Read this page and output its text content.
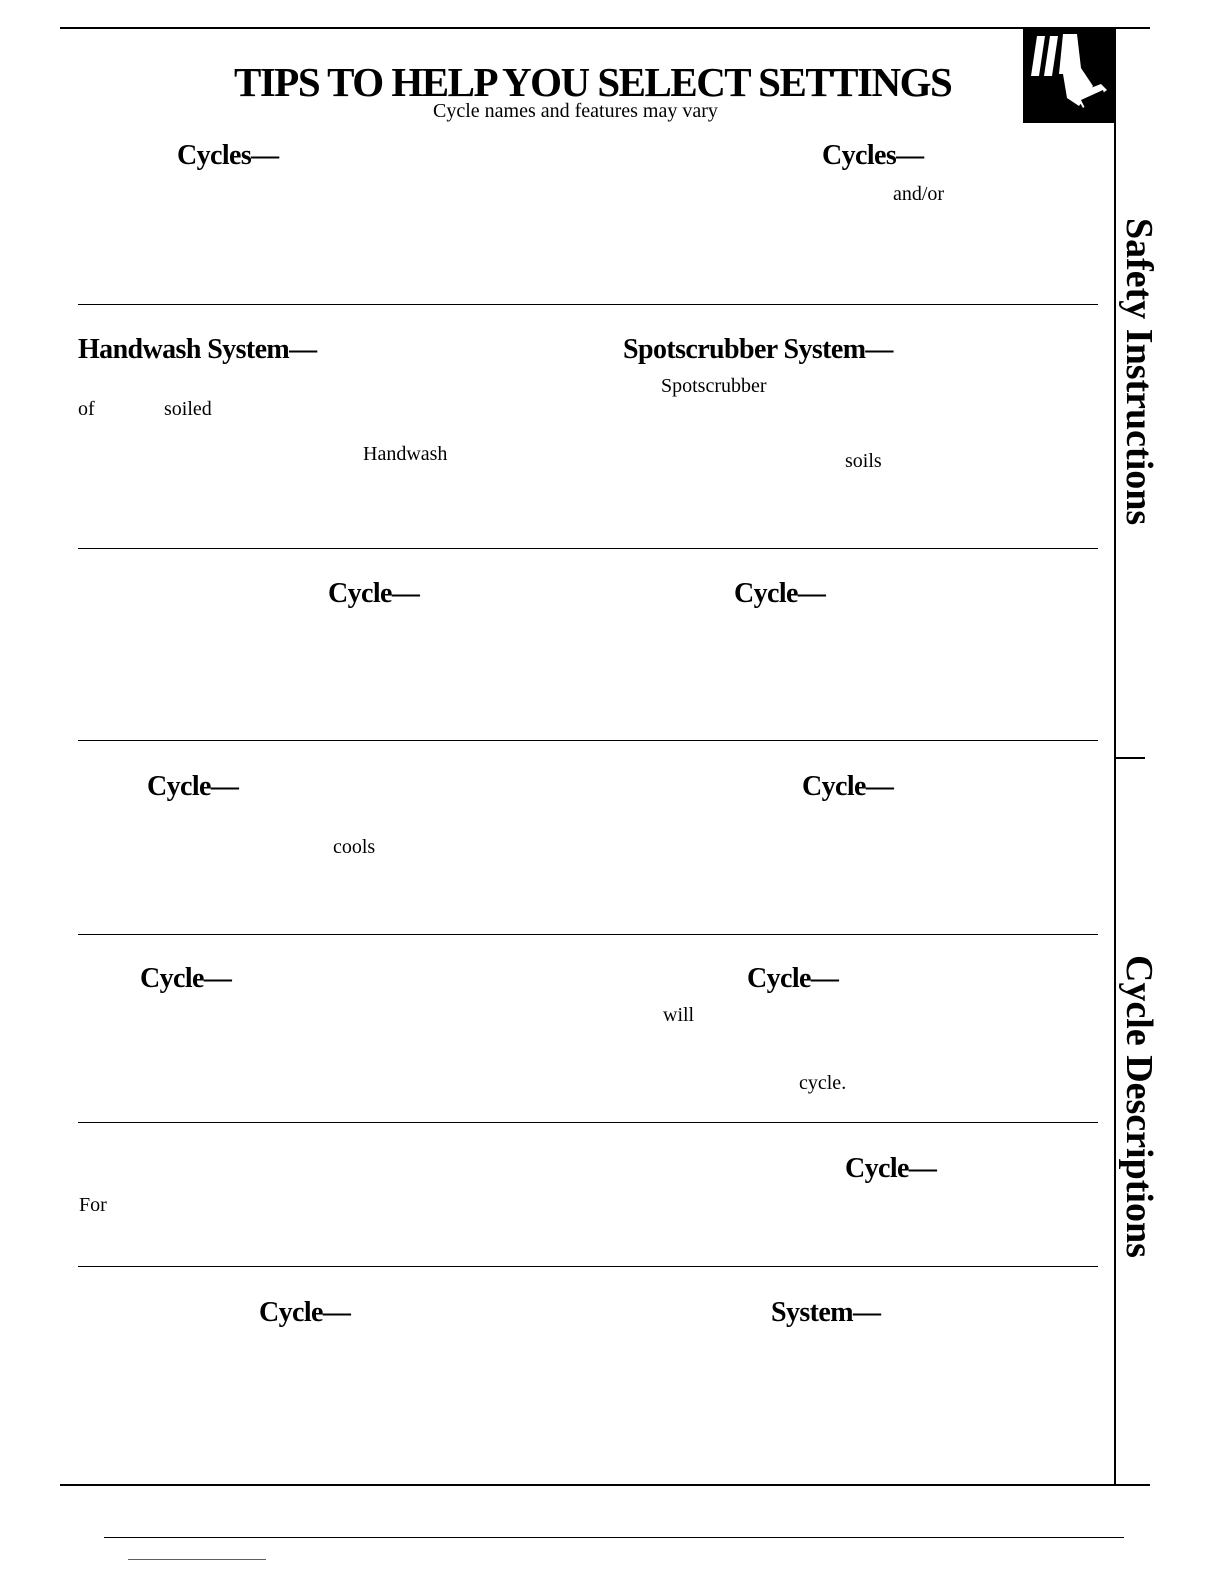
TIPS TO HELP YOU SELECT SETTINGS
Cycle names and features may vary
Safety Instructions
Cycle Descriptions
Cycles—	Cycles—
and/or
Handwash System—
of	soiled
Handwash
Spotscrubber System—
Spotscrubber
soils
Cycle—	Cycle—
Cycle—
cools
Cycle—
Cycle—	Cycle—
will
cycle.
For
Cycle—
Cycle—	System—
